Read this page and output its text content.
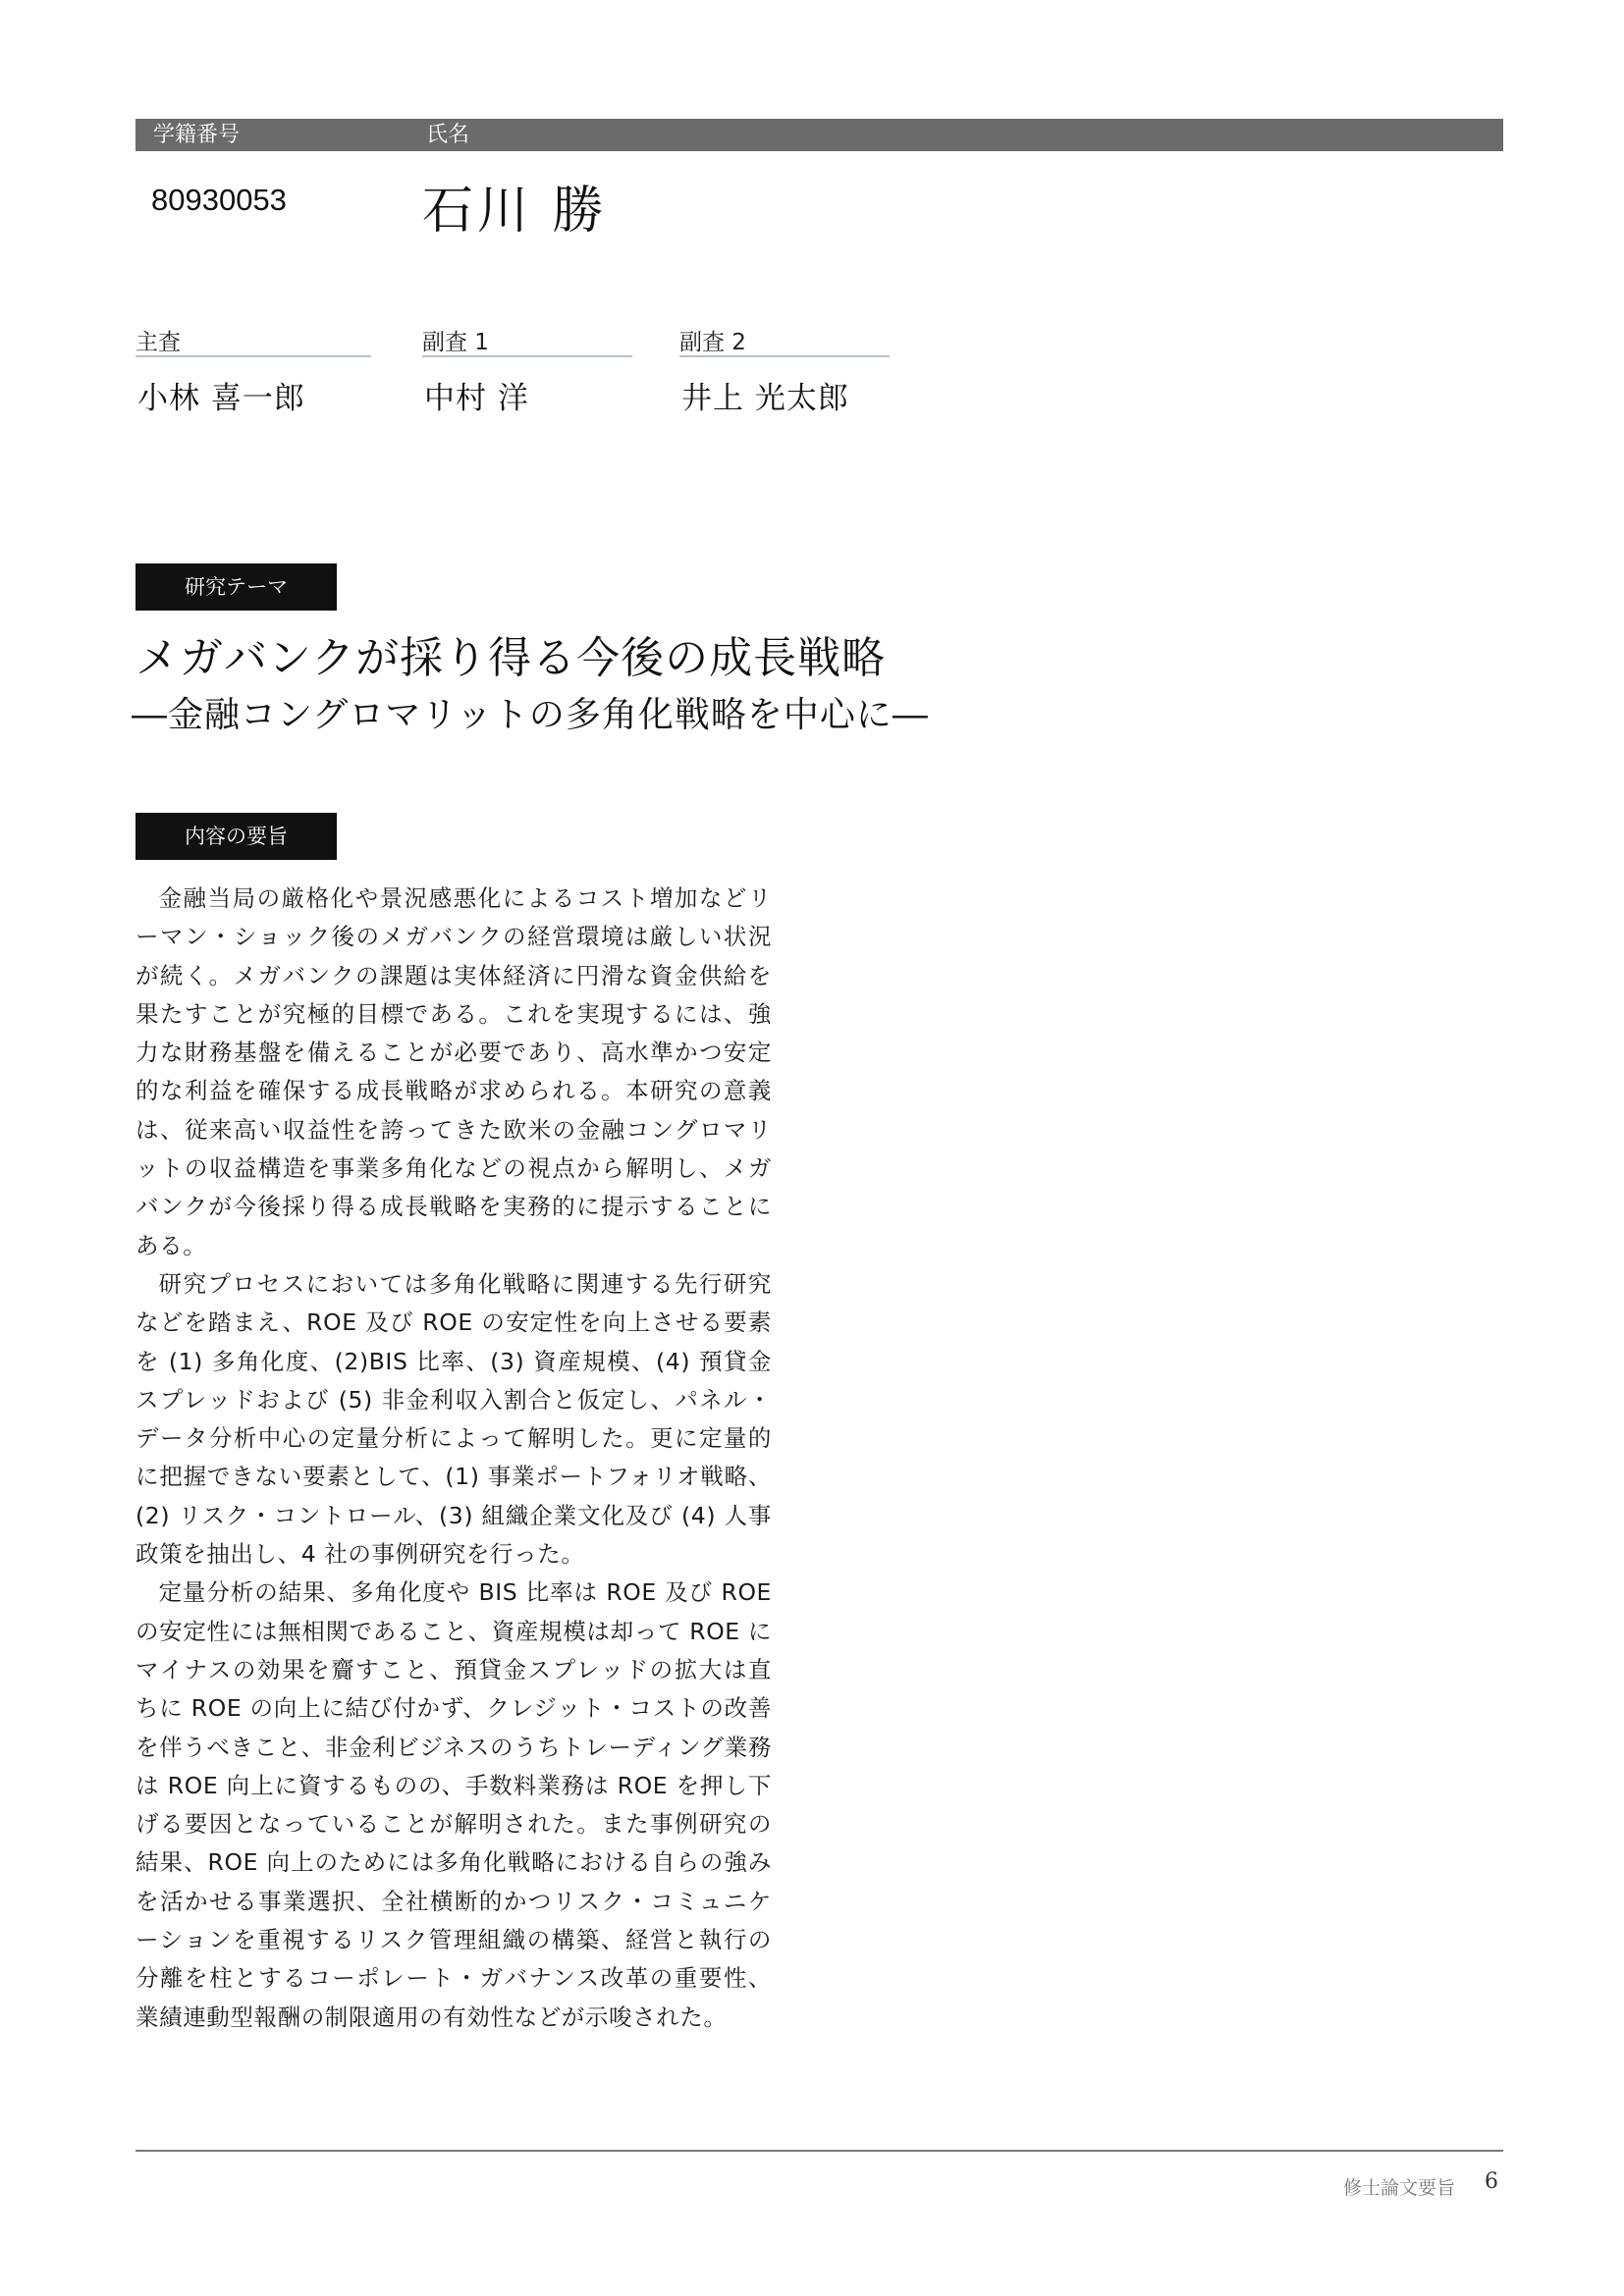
学籍番号	氏名
80930053	石川 勝
主査
小林 喜一郎
副査 1
中村 洋
副査 2
井上 光太郎
研究テーマ
メガバンクが採り得る今後の成長戦略
―金融コングロマリットの多角化戦略を中心に―
内容の要旨

金融当局の厳格化や景況感悪化によるコスト増加などリーマン・ショック後のメガバンクの経営環境は厳しい状況が続く。メガバンクの課題は実体経済に円滑な資金供給を果たすことが究極的目標である。これを実現するには、強力な財務基盤を備えることが必要であり、高水準かつ安定的な利益を確保する成長戦略が求められる。本研究の意義は、従来高い収益性を誇ってきた欧米の金融コングロマリットの収益構造を事業多角化などの視点から解明し、メガバンクが今後採り得る成長戦略を実務的に提示することにある。

研究プロセスにおいては多角化戦略に関連する先行研究などを踏まえ、ROE 及び ROE の安定性を向上させる要素を (1) 多角化度、(2)BIS 比率、(3) 資産規模、(4) 預貸金スプレッドおよび (5) 非金利収入割合と仮定し、パネル・データ分析中心の定量分析によって解明した。更に定量的に把握できない要素として、(1) 事業ポートフォリオ戦略、(2) リスク・コントロール、(3) 組織企業文化及び (4) 人事政策を抽出し、4 社の事例研究を行った。

定量分析の結果、多角化度や BIS 比率は ROE 及び ROE の安定性には無相関であること、資産規模は却って ROE にマイナスの効果を齎すこと、預貸金スプレッドの拡大は直ちに ROE の向上に結び付かず、クレジット・コストの改善を伴うべきこと、非金利ビジネスのうちトレーディング業務は ROE 向上に資するものの、手数料業務は ROE を押し下げる要因となっていることが解明された。また事例研究の結果、ROE 向上のためには多角化戦略における自らの強みを活かせる事業選択、全社横断的かつリスク・コミュニケーションを重視するリスク管理組織の構築、経営と執行の分離を柱とするコーポレート・ガバナンス改革の重要性、業績連動型報酬の制限適用の有効性などが示唆された。

修士論文要旨 6
